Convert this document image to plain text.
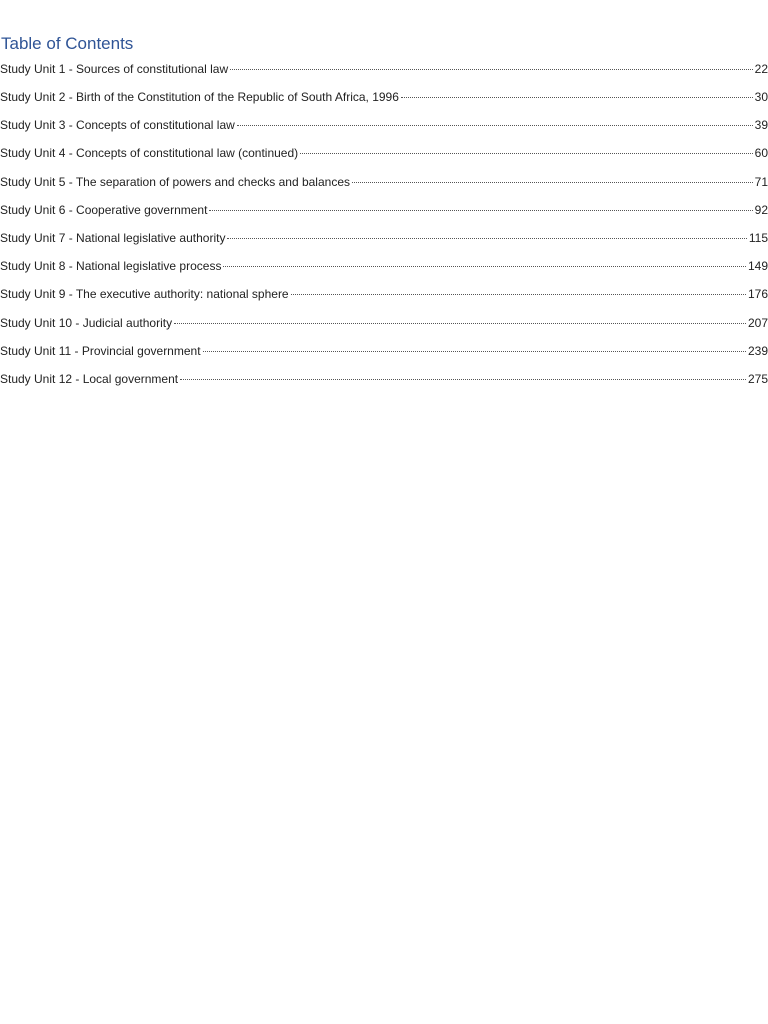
Table of Contents
Study Unit 1 - Sources of constitutional law	22
Study Unit 2 - Birth of the Constitution of the Republic of South Africa, 1996	30
Study Unit 3 - Concepts of constitutional law	39
Study Unit 4 - Concepts of constitutional law (continued)	60
Study Unit 5 - The separation of powers and checks and balances	71
Study Unit 6 - Cooperative government	92
Study Unit 7 - National legislative authority	115
Study Unit 8 - National legislative process	149
Study Unit 9 - The executive authority: national sphere	176
Study Unit 10 - Judicial authority	207
Study Unit 11 - Provincial government	239
Study Unit 12 - Local government	275
